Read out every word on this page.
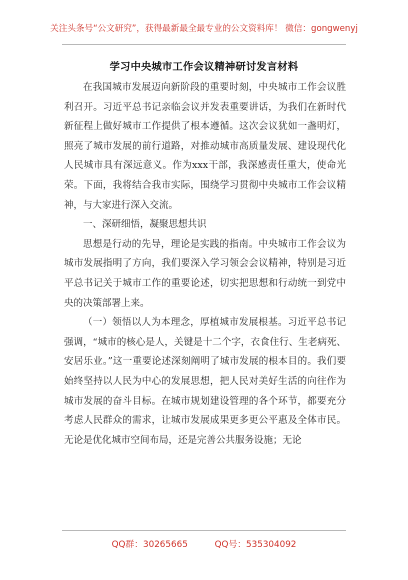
关注头条号“公文研究”，获得最新最全最专业的公文资料库！ 微信：gongwenyj
学习中央城市工作会议精神研讨发言材料

在我国城市发展迈向新阶段的重要时刻，中央城市工作会议胜利召开。习近平总书记亲临会议并发表重要讲话，为我们在新时代新征程上做好城市工作提供了根本遵循。这次会议犹如一盏明灯，照亮了城市发展的前行道路，对推动城市高质量发展、建设现代化人民城市具有深远意义。作为xxx干部，我深感责任重大，使命光荣。下面，我将结合我市实际，围绕学习贯彻中央城市工作会议精神，与大家进行深入交流。

一、深研细悟，凝聚思想共识

思想是行动的先导，理论是实践的指南。中央城市工作会议为城市发展指明了方向，我们要深入学习领会会议精神，特别是习近平总书记关于城市工作的重要论述，切实把思想和行动统一到党中央的决策部署上来。

（一）领悟以人为本理念，厚植城市发展根基。习近平总书记强调，“城市的核心是人，关键是十二个字，衣食住行、生老病死、安居乐业。”这一重要论述深刻阐明了城市发展的根本目的。我们要始终坚持以人民为中心的发展思想，把人民对美好生活的向往作为城市发展的奋斗目标。在城市规划建设管理的各个环节，都要充分考虑人民群众的需求，让城市发展成果更多更公平惠及全体市民。无论是优化城市空间布局，还是完善公共服务设施；无论

QQ群：30265665	QQ号：535304092
